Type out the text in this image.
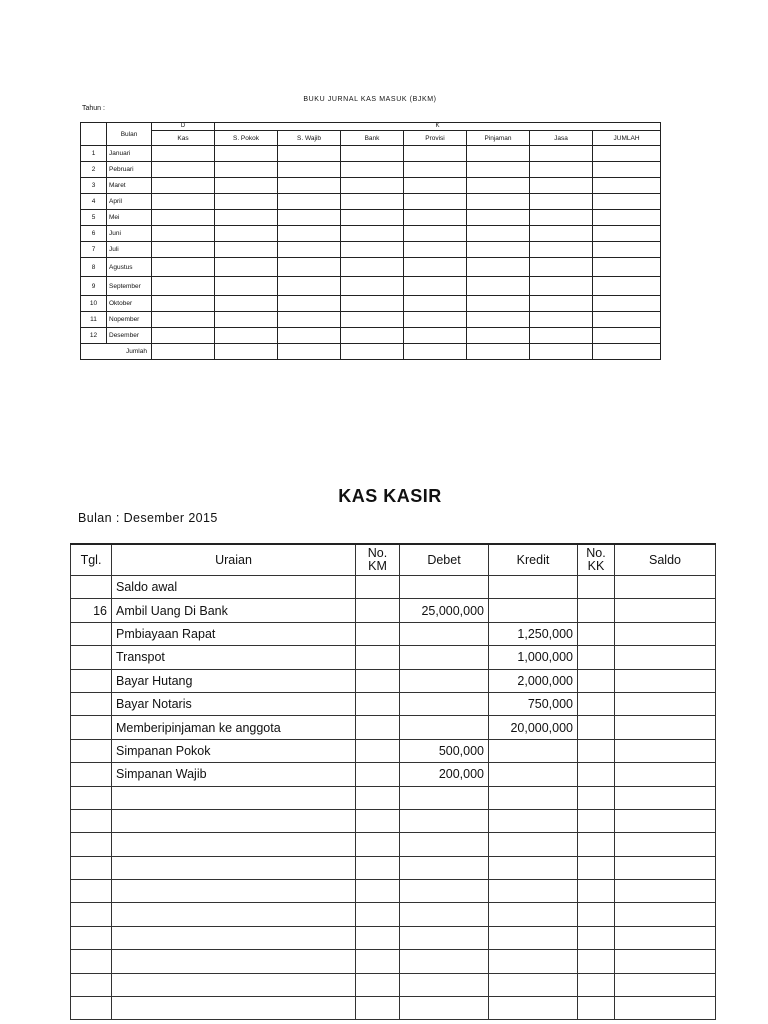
BUKU JURNAL KAS MASUK (BJKM)
Tahun :
	Bulan	D	K						
		Kas	S. Pokok	S. Wajib	Bank	Provisi	Pinjaman	Jasa	JUMLAH
1	Januari								
2	Pebruari								
3	Maret								
4	April								
5	Mei								
6	Juni								
7	Juli								
8	Agustus								
9	September								
10	Oktober								
11	Nopember								
12	Desember								
Jumlah									
KAS KASIR
Bulan : Desember 2015
Tgl.	Uraian	No. KM	Debet	Kredit	No. KK	Saldo
	Saldo awal					
16	Ambil Uang Di Bank		25,000,000			
	Pmbiayaan Rapat			1,250,000		
	Transpot			1,000,000		
	Bayar Hutang			2,000,000		
	Bayar Notaris			750,000		
	Memberipinjaman ke anggota			20,000,000		
	Simpanan Pokok		500,000			
	Simpanan Wajib		200,000			
